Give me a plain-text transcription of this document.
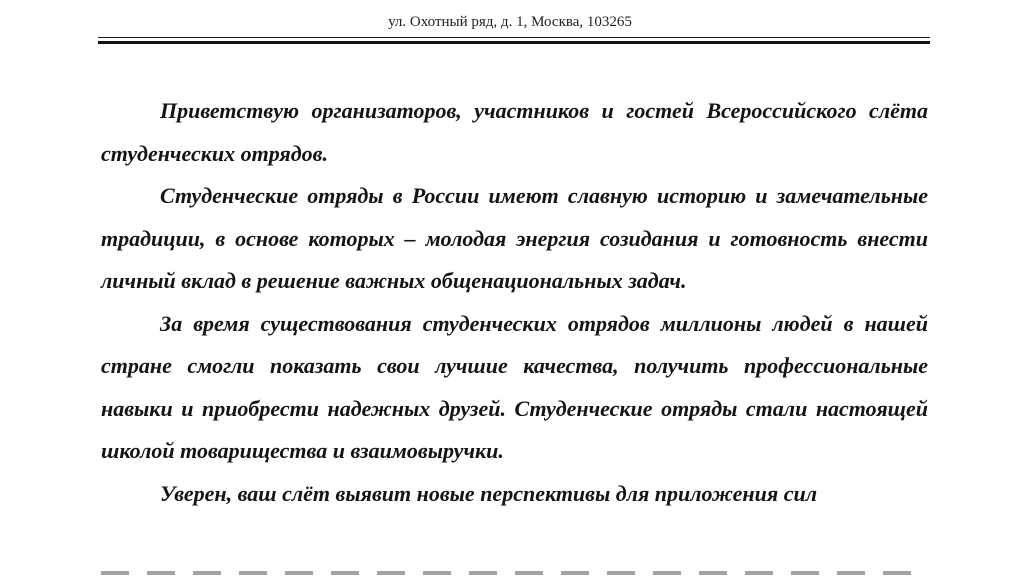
ул. Охотный ряд, д. 1, Москва, 103265

Приветствую организаторов, участников и гостей Всероссийского слёта студенческих отрядов.

Студенческие отряды в России имеют славную историю и замечательные традиции, в основе которых – молодая энергия созидания и готовность внести личный вклад в решение важных общенациональных задач.

За время существования студенческих отрядов миллионы людей в нашей стране смогли показать свои лучшие качества, получить профессиональные навыки и приобрести надежных друзей. Студенческие отряды стали настоящей школой товарищества и взаимовыручки.

Уверен, ваш слёт выявит новые перспективы для приложения сил
